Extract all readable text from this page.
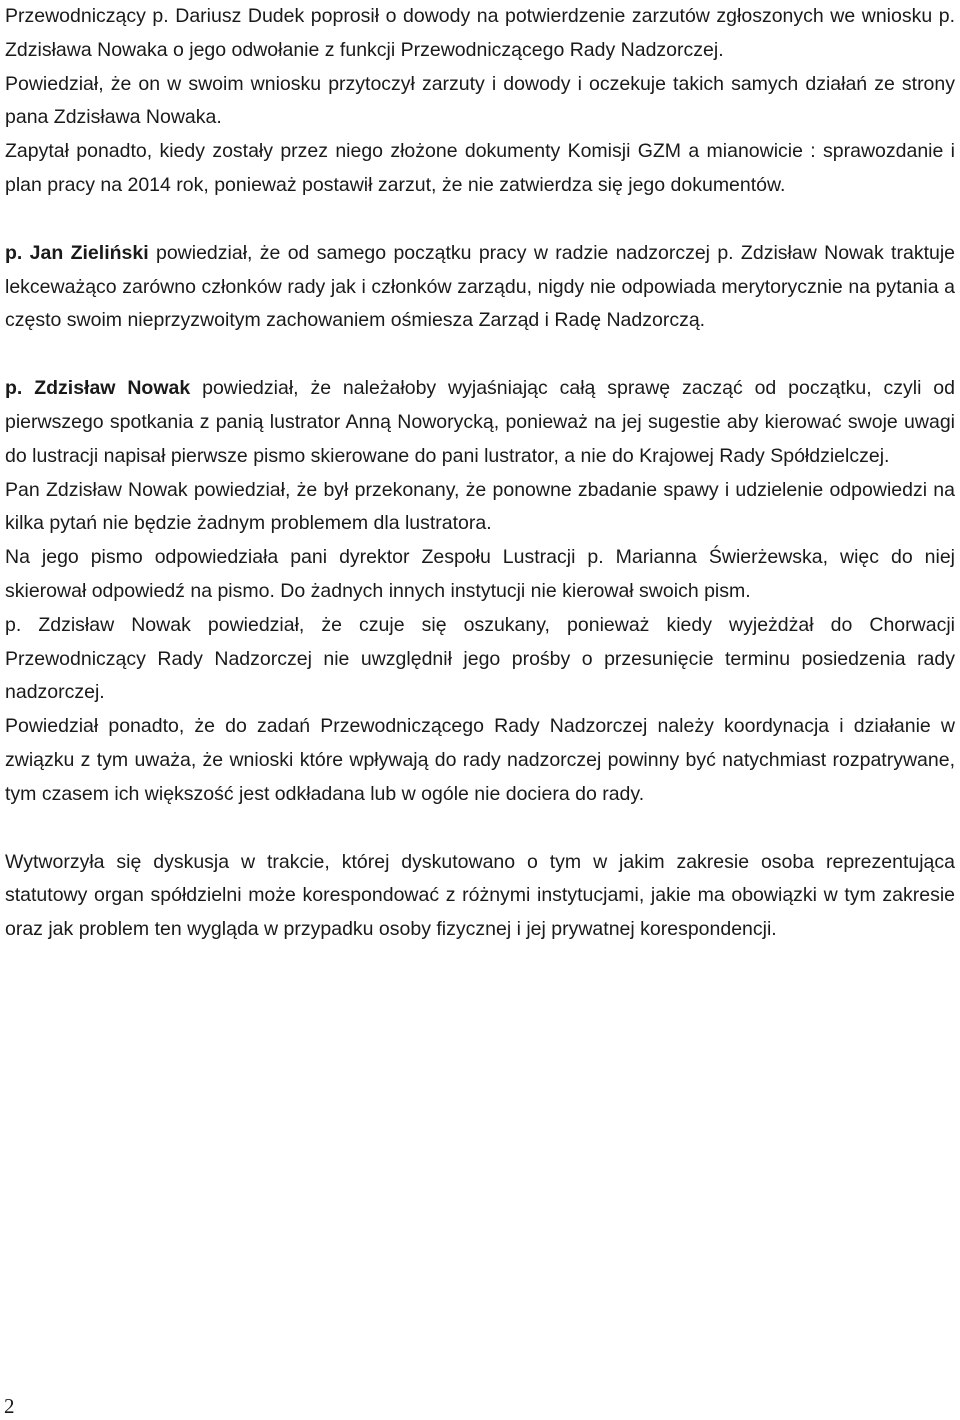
Przewodniczący p. Dariusz Dudek poprosił o dowody na potwierdzenie zarzutów zgłoszonych we wniosku p. Zdzisława Nowaka o jego odwołanie z funkcji Przewodniczącego Rady Nadzorczej.

Powiedział, że on w swoim wniosku przytoczył zarzuty i dowody i oczekuje takich samych działań ze strony pana Zdzisława Nowaka.

Zapytał ponadto, kiedy zostały przez niego złożone dokumenty Komisji GZM a mianowicie : sprawozdanie i plan pracy na 2014 rok, ponieważ postawił zarzut, że nie zatwierdza się jego dokumentów.

p. Jan Zieliński powiedział, że od samego początku pracy w radzie nadzorczej p. Zdzisław Nowak traktuje lekceważąco zarówno członków rady jak i członków zarządu, nigdy nie odpowiada merytorycznie na pytania a często swoim nieprzyzwoitym zachowaniem ośmiesza Zarząd i Radę Nadzorczą.

p. Zdzisław Nowak powiedział, że należałoby wyjaśniając całą sprawę zacząć od początku, czyli od pierwszego spotkania z panią lustrator Anną Noworycką, ponieważ na jej sugestie aby kierować swoje uwagi do lustracji napisał pierwsze pismo skierowane do pani lustrator, a nie do Krajowej Rady Spółdzielczej.

Pan Zdzisław Nowak powiedział, że był przekonany, że ponowne zbadanie spawy i udzielenie odpowiedzi na kilka pytań nie będzie żadnym problemem dla lustratora.

Na jego pismo odpowiedziała pani dyrektor Zespołu Lustracji p. Marianna Świerżewska, więc do niej skierował odpowiedź na pismo. Do żadnych innych instytucji nie kierował swoich pism.

p. Zdzisław Nowak powiedział, że czuje się oszukany, ponieważ kiedy wyjeżdżał do Chorwacji Przewodniczący Rady Nadzorczej nie uwzględnił jego prośby o przesunięcie terminu posiedzenia rady nadzorczej.

Powiedział ponadto, że do zadań Przewodniczącego Rady Nadzorczej należy koordynacja i działanie w związku z tym uważa, że wnioski które wpływają do rady nadzorczej powinny być natychmiast rozpatrywane, tym czasem ich większość jest odkładana lub w ogóle nie dociera do rady.

Wytworzyła się dyskusja w trakcie, której dyskutowano o tym w jakim zakresie osoba reprezentująca statutowy organ spółdzielni może korespondować z różnymi instytucjami, jakie ma obowiązki w tym zakresie oraz jak problem ten wygląda w przypadku osoby fizycznej i jej prywatnej korespondencji.

2
